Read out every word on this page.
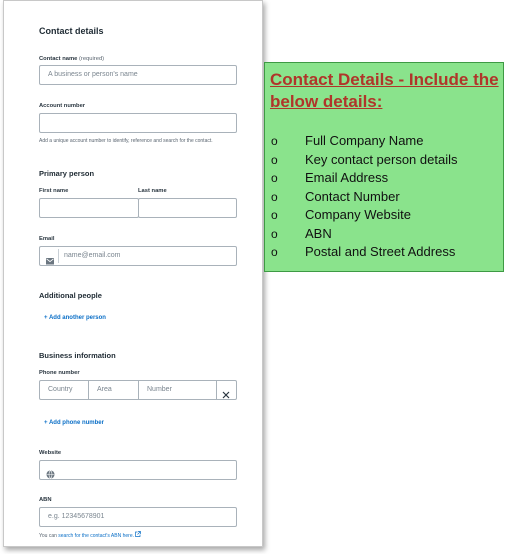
Contact details
Contact name (required)
A business or person's name
Account number
Add a unique account number to identify, reference and search for the contact.
Primary person
First name	Last name
Email
name@email.com
Additional people
+ Add another person
Business information
Phone number
Country	Area	Number
+ Add phone number
Website
ABN
e.g. 12345678901
You can search for the contact's ABN here.
Contact Details - Include the below details:
o Full Company Name
o Key contact person details
o Email Address
o Contact Number
o Company Website
o ABN
o Postal and Street Address
